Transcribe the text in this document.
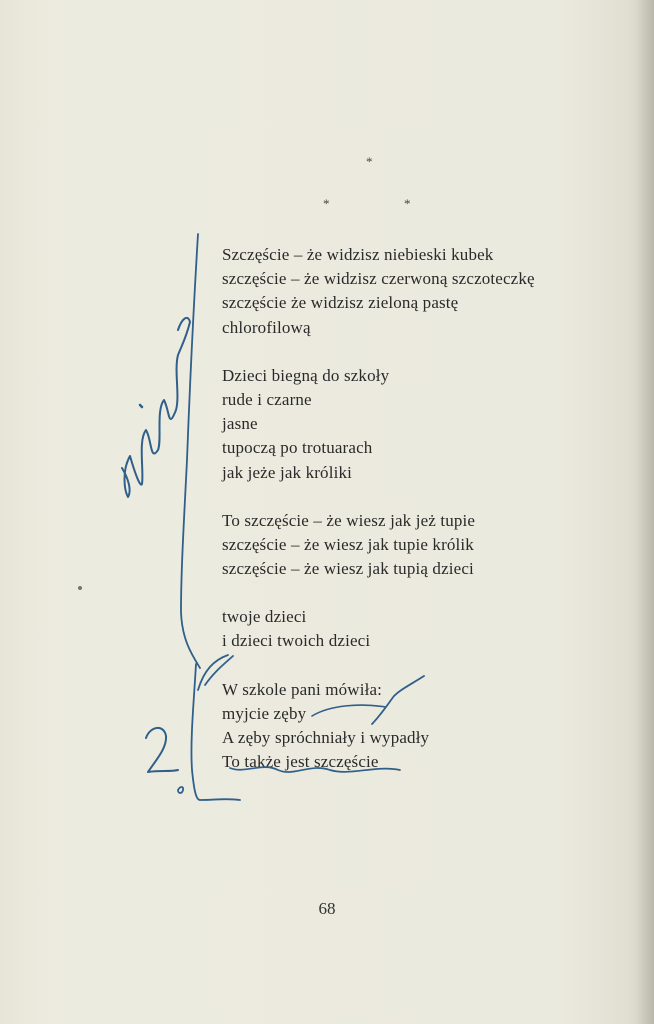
*
*	*
Szczęście – że widzisz niebieski kubek
szczęście – że widzisz czerwoną szczoteczkę
szczęście że widzisz zieloną pastę
chlorofilową
Dzieci biegną do szkoły
rude i czarne
jasne
tupoczą po trotuarach
jak jeże jak króliki
To szczęście – że wiesz jak jeż tupie
szczęście – że wiesz jak tupie królik
szczęście – że wiesz jak tupią dzieci
twoje dzieci
i dzieci twoich dzieci
W szkole pani mówiła:
myjcie zęby
A zęby spróchniały i wypadły
To także jest szczęście
68
